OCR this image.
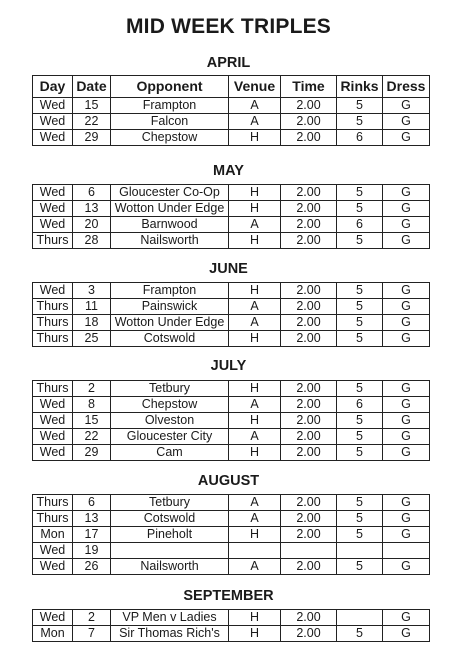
MID WEEK TRIPLES
APRIL
Day	Date	Opponent	Venue	Time	Rinks	Dress
Wed	15	Frampton	A	2.00	5	G
Wed	22	Falcon	A	2.00	5	G
Wed	29	Chepstow	H	2.00	6	G
MAY
Wed	6	Gloucester Co-Op	H	2.00	5	G
Wed	13	Wotton Under Edge	H	2.00	5	G
Wed	20	Barnwood	A	2.00	6	G
Thurs	28	Nailsworth	H	2.00	5	G
JUNE
Wed	3	Frampton	H	2.00	5	G
Thurs	11	Painswick	A	2.00	5	G
Thurs	18	Wotton Under Edge	A	2.00	5	G
Thurs	25	Cotswold	H	2.00	5	G
JULY
Thurs	2	Tetbury	H	2.00	5	G
Wed	8	Chepstow	A	2.00	6	G
Wed	15	Olveston	H	2.00	5	G
Wed	22	Gloucester City	A	2.00	5	G
Wed	29	Cam	H	2.00	5	G
AUGUST
Thurs	6	Tetbury	A	2.00	5	G
Thurs	13	Cotswold	A	2.00	5	G
Mon	17	Pineholt	H	2.00	5	G
Wed	19					
Wed	26	Nailsworth	A	2.00	5	G
SEPTEMBER
Wed	2	VP Men v Ladies	H	2.00		G
Mon	7	Sir Thomas Rich's	H	2.00	5	G
